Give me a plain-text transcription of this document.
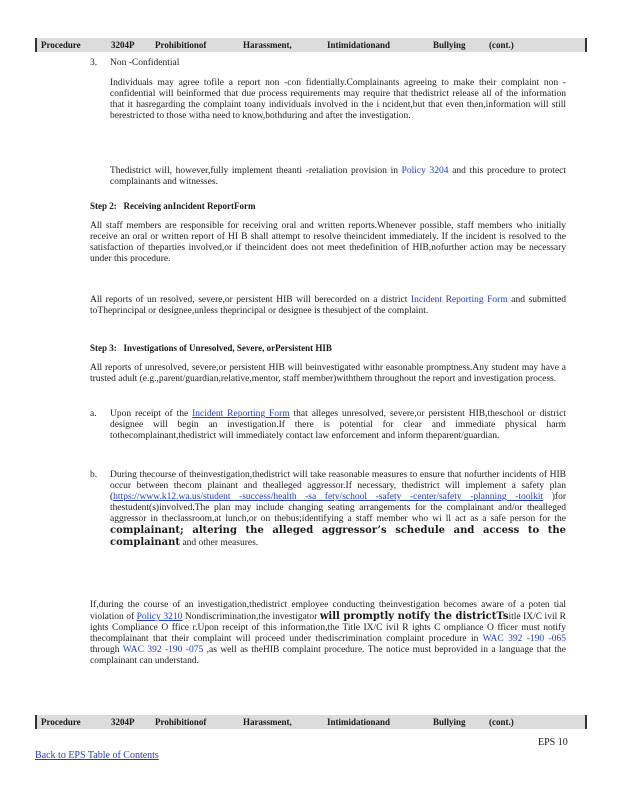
Procedure	3204P Prohibitionof	Harassment,	Intimidationand	Bullying	(cont.)
3. Non -Confidential
Individuals may agree tofile a report non -con fidentially.Complainants agreeing to make their complaint non -confidential will beinformed that due process requirements may require that thedistrict release all of the information that it hasregarding the complaint toany individuals involved in the i ncident,but that even then,information will still berestricted to those witha need to know,bothduring and after the investigation.
Thedistrict will, however,fully implement theanti -retaliation provision in Policy 3204 and this procedure to protect complainants and witnesses.
Step 2: Receiving anIncident ReportForm
All staff members are responsible for receiving oral and written reports.Whenever possible, staff members who initially receive an oral or written report of HI B shall attempt to resolve theincident immediately. If the incident is resolved to the satisfaction of theparties involved,or if theincident does not meet thedefinition of HIB,nofurther action may be necessary under this procedure.
All reports of un resolved, severe,or persistent HIB will berecorded on a district Incident Reporting Form and submitted toTheprincipal or designee,unless theprincipal or designee is thesubject of the complaint.
Step 3: Investigations of Unresolved, Severe, orPersistent HIB
All reports of unresolved, severe,or persistent HIB will beinvestigated withr easonable promptness.Any student may have a trusted adult (e.g.,parent/guardian,relative,mentor, staff member)withthem throughout the report and investigation process.
a. Upon receipt of the Incident Reporting Form that alleges unresolved, severe,or persistent HIB,theschool or district designee will begin an investigation.If there is potential for clear and immediate physical harm tothecomplainant,thedistrict will immediately contact law enforcement and inform theparent/guardian.
b. During thecourse of theinvestigation,thedistrict will take reasonable measures to ensure that nofurther incidents of HIB occur between thecom plainant and thealleged aggressor.If necessary, thedistrict will implement a safety plan (https://www.k12.wa.us/student -success/health -sa fety/school -safety -center/safety -planning -toolkit )for thestudent(s)involved.The plan may include changing seating arrangements for the complainant and/or thealleged aggressor in theclassroom,at lunch,or on thebus;identifying a staff member who wi ll act as a safe person for the complainant; altering the alleged aggressor’s schedule and access to the complainant and other measures.
If,during the course of an investigation,thedistrict employee conducting theinvestigation becomes aware of a poten tial violation of Policy 3210 Nondiscrimination,the investigator will promptly notify the districtTsitle IX/C ivil R ights Compliance O ffice r.Upon receipt of this information,the Title IX/C ivil R ights C ompliance O fficer must notify thecomplainant that their complaint will proceed under thediscrimination complaint procedure in WAC 392 -190 -065 through WAC 392 -190 -075 ,as well as theHIB complaint procedure. The notice must beprovided in a language that the complainant can understand.
Procedure	3204P Prohibitionof	Harassment,	Intimidationand	Bullying	(cont.)
EPS 10
Back to EPS Table of Contents
